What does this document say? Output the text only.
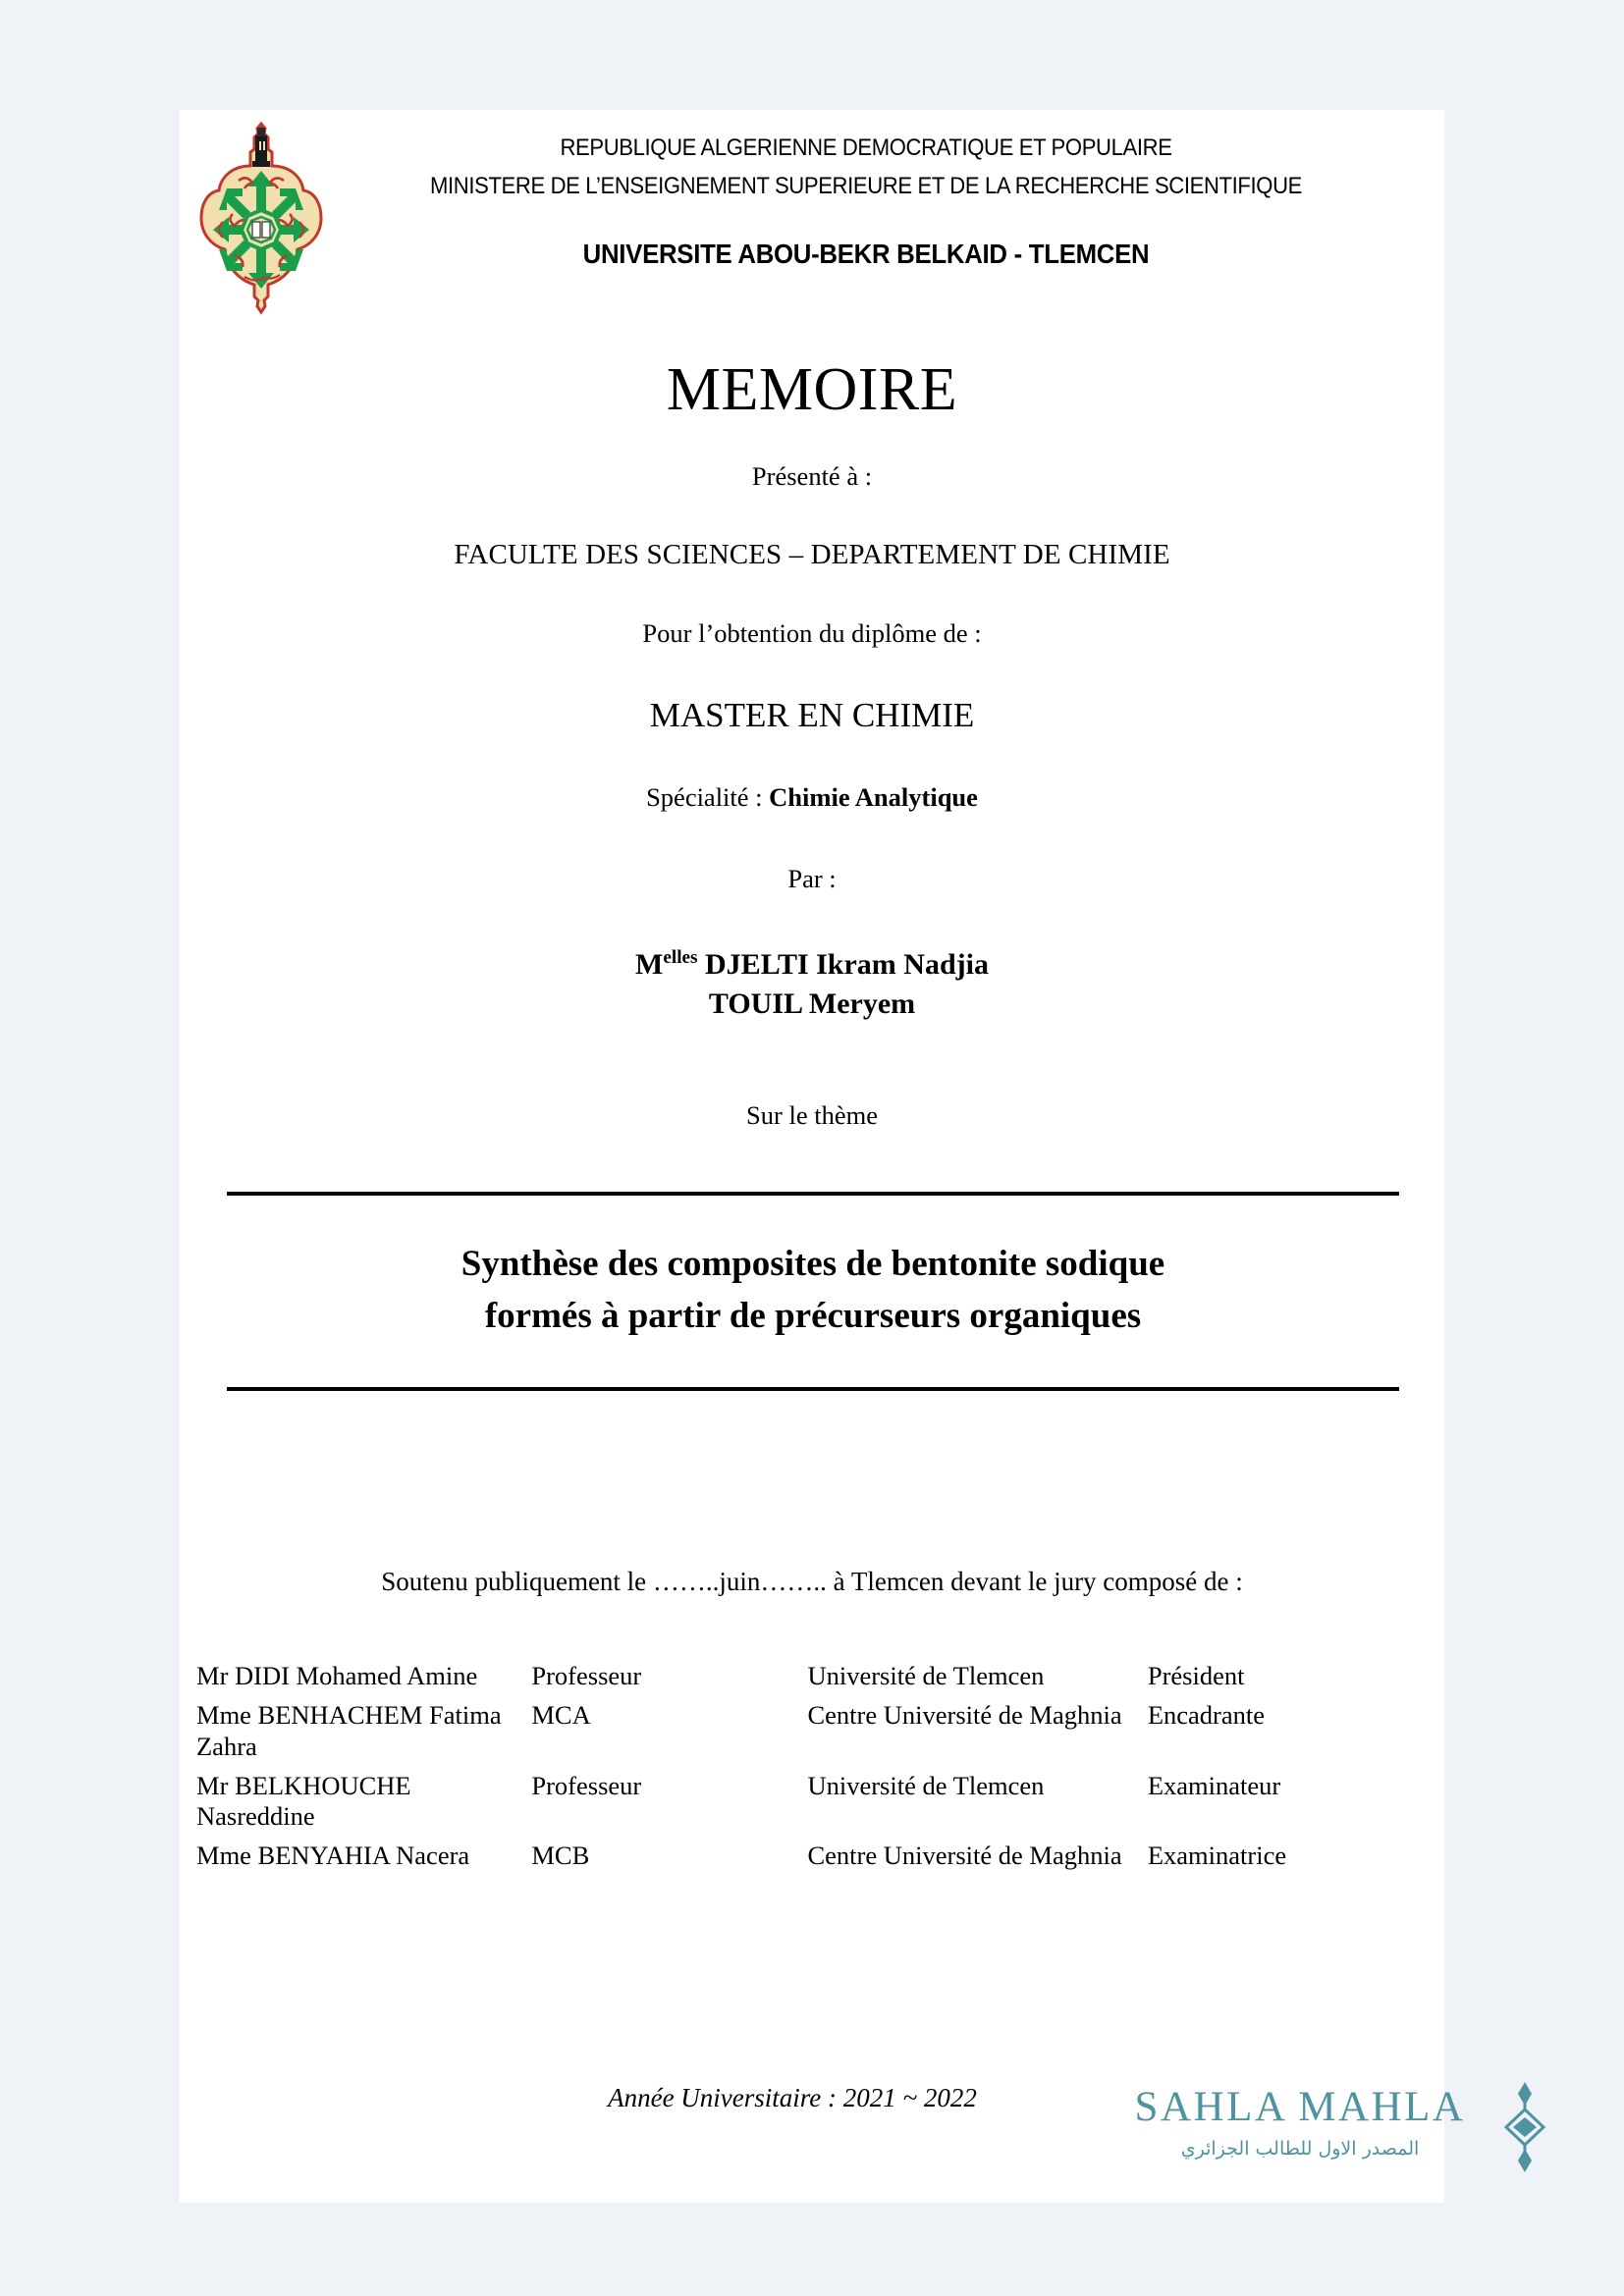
REPUBLIQUE ALGERIENNE DEMOCRATIQUE ET POPULAIRE
MINISTERE DE L’ENSEIGNEMENT SUPERIEURE ET DE LA RECHERCHE SCIENTIFIQUE
UNIVERSITE ABOU-BEKR BELKAID - TLEMCEN
MEMOIRE
Présenté à :
FACULTE DES SCIENCES – DEPARTEMENT DE CHIMIE
Pour l’obtention du diplôme de :
MASTER EN CHIMIE
Spécialité : Chimie Analytique
Par :
$M^{elles}$ DJELTI Ikram Nadjia
TOUIL Meryem
Sur le thème
Synthèse des composites de bentonite sodique
formés à partir de précurseurs organiques
Soutenu publiquement le ……..juin…….. à Tlemcen devant le jury composé de :
Mr DIDI Mohamed Amine	Professeur	Université de Tlemcen	Président
Mme BENHACHEM Fatima Zahra	MCA	Centre Université de Maghnia	Encadrante
Mr BELKHOUCHE Nasreddine	Professeur	Université de Tlemcen	Examinateur
Mme BENYAHIA Nacera	MCB	Centre Université de Maghnia	Examinatrice
Année Universitaire : 2021 ~ 2022	SAHLA MAHLA
المصدر الاول للطالب الجزائري
